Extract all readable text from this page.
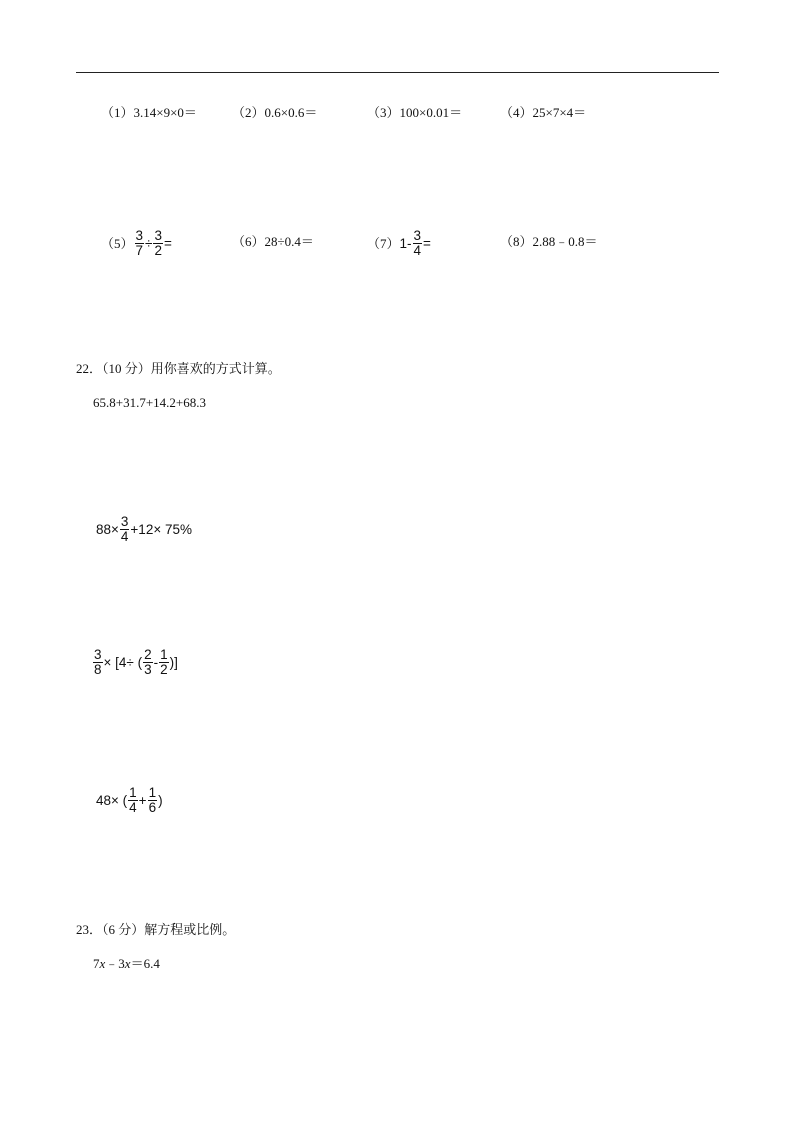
（1）3.14×9×0＝	（2）0.6×0.6＝	（3）100×0.01＝	（4）25×7×4＝
$(5) \frac{3}{7} \div \frac{3}{2}$ =	（6）28÷0.4＝	（7） $1- \frac{3}{4}$ =	（8）2.88﹣0.8＝
22．（10 分）用你喜欢的方式计算。
65.8+31.7+14.2+68.3
$88\times \frac{3}{4} +12\times 75\%$
$\frac{3}{8} \times [4\div$ ( $\frac{2}{3} - \frac{1}{2}$ )]
48× ( $\frac{1}{4} + \frac{1}{6}$ )
23．（6 分）解方程或比例。
7x﹣3x＝6.4
